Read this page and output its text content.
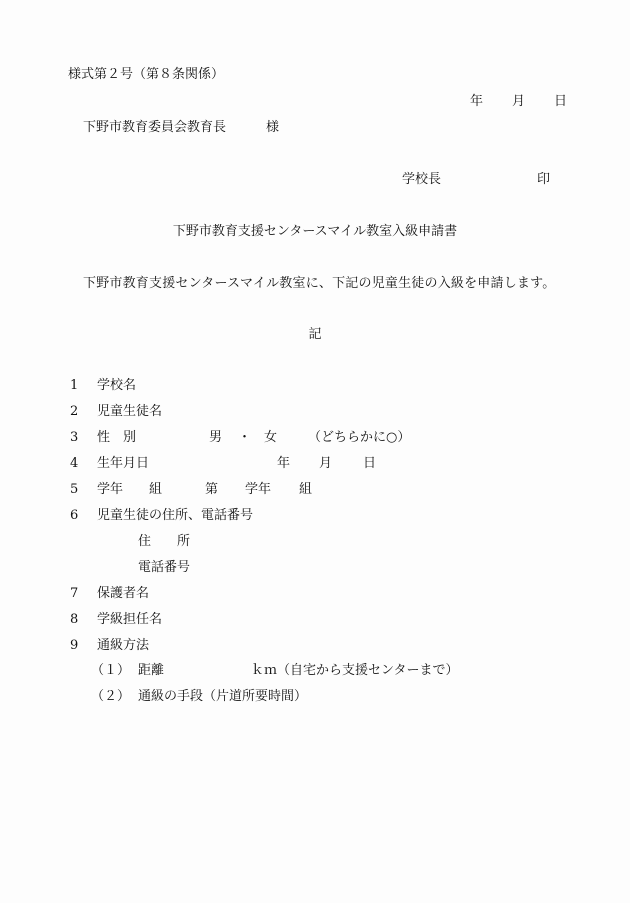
様式第２号（第８条関係）
年 月 日
下野市教育委員会教育長	様
学校長	印
下野市教育支援センタースマイル教室入級申請書
下野市教育支援センタースマイル教室に、下記の児童生徒の入級を申請します。
記
1 学校名
2 児童生徒名
3 性　別	男 ・ 女 （どちらかに○）
4 生年月日	年 月 日
5 学年 組	第 学年 組
6 児童生徒の住所、電話番号
住　　所
電話番号
7 保護者名
8 学級担任名
9 通級方法
（１） 距離	ｋｍ（自宅から支援センターまで）
（２） 通級の手段（片道所要時間）
